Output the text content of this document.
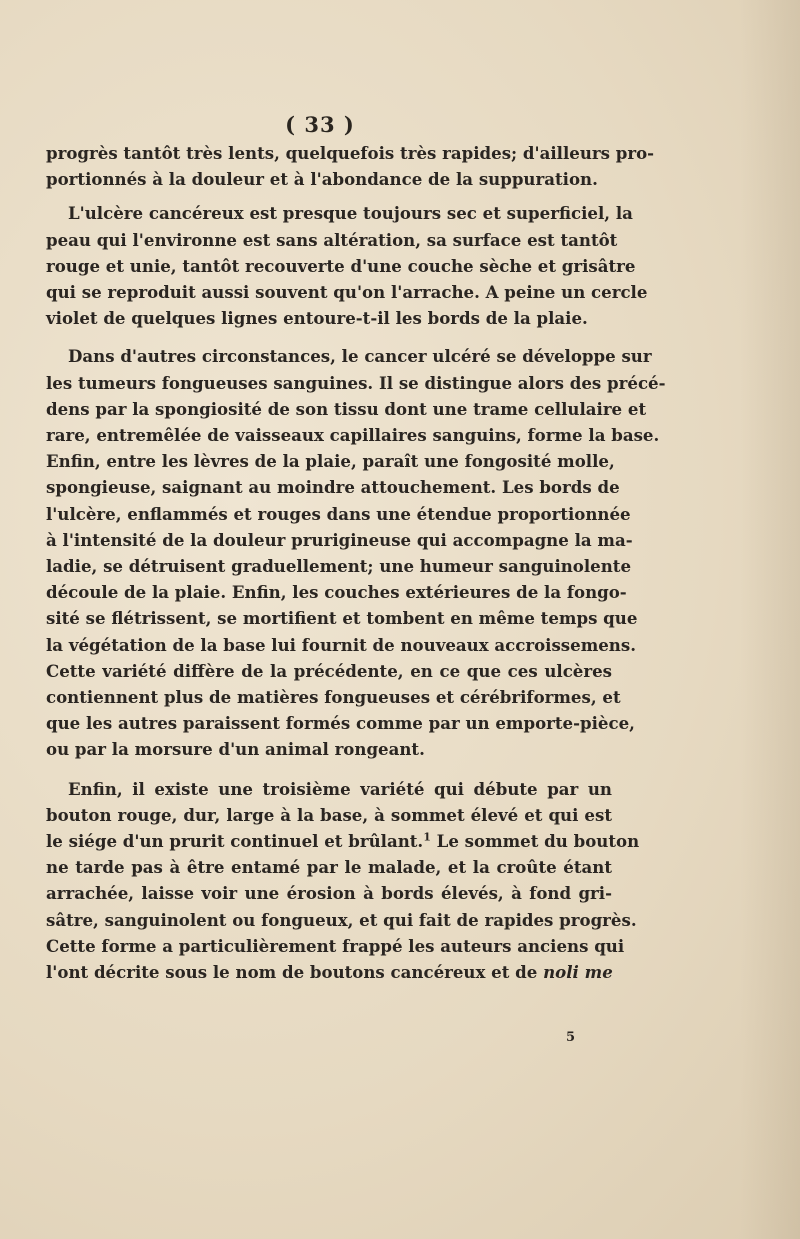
( 33 )
progrès tantôt très lents, quelquefois très rapides; d'ailleurs pro-
portionnés à la douleur et à l'abondance de la suppuration.
L'ulcère cancéreux est presque toujours sec et superficiel, la
peau qui l'environne est sans altération, sa surface est tantôt
rouge et unie, tantôt recouverte d'une couche sèche et grisâtre
qui se reproduit aussi souvent qu'on l'arrache. A peine un cercle
violet de quelques lignes entoure-t-il les bords de la plaie.
Dans d'autres circonstances, le cancer ulcéré se développe sur
les tumeurs fongueuses sanguines. Il se distingue alors des précé-
dens par la spongiosité de son tissu dont une trame cellulaire et
rare, entremêlée de vaisseaux capillaires sanguins, forme la base.
Enfin, entre les lèvres de la plaie, paraît une fongosité molle,
spongieuse, saignant au moindre attouchement. Les bords de
l'ulcère, enflammés et rouges dans une étendue proportionnée
à l'intensité de la douleur prurigineuse qui accompagne la ma-
ladie, se détruisent graduellement; une humeur sanguinolente
découle de la plaie. Enfin, les couches extérieures de la fongo-
sité se flétrissent, se mortifient et tombent en même temps que
la végétation de la base lui fournit de nouveaux accroissemens.
Cette variété diffère de la précédente, en ce que ces ulcères
contiennent plus de matières fongueuses et cérébriformes, et
que les autres paraissent formés comme par un emporte-pièce,
ou par la morsure d'un animal rongeant.
Enfin, il existe une troisième variété qui débute par un
bouton rouge, dur, large à la base, à sommet élevé et qui est
le siége d'un prurit continuel et brûlant.$^1$ Le sommet du bouton
ne tarde pas à être entamé par le malade, et la croûte étant
arrachée, laisse voir une érosion à bords élevés, à fond gri-
sâtre, sanguinolent ou fongueux, et qui fait de rapides progrès.
Cette forme a particulièrement frappé les auteurs anciens qui
l'ont décrite sous le nom de boutons cancéreux et de noli me
5
